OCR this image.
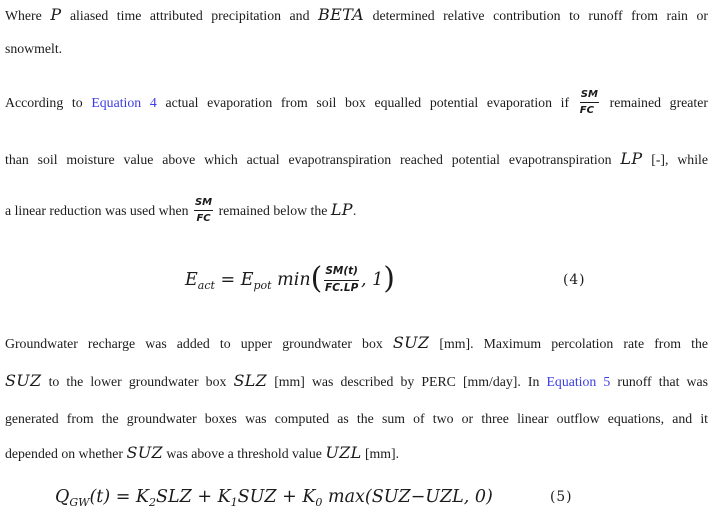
Where P aliased time attributed precipitation and BETA determined relative contribution to runoff from rain or
snowmelt.
According to Equation 4 actual evaporation from soil box equalled potential evaporation if $\frac{SM}{FC}$ remained greater
than soil moisture value above which actual evapotranspiration reached potential evapotranspiration LP [-], while
a linear reduction was used when $\frac{SM}{FC}$ remained below the LP.
$E_{act} = E_{pot}$ $\min( \frac{SM(t)}{FC.LP}$ , 1)	(4)
Groundwater recharge was added to upper groundwater box SUZ [mm]. Maximum percolation rate from the
SUZ to the lower groundwater box SLZ [mm] was described by PERC [mm/day]. In Equation 5 runoff that was
generated from the groundwater boxes was computed as the sum of two or three linear outflow equations, and it
depended on whether SUZ was above a threshold value UZL [mm].
$Q_{GW}(t) = K_2SLZ + K_1SUZ + K_0$ max(SUZ−UZL, 0)	(5)
